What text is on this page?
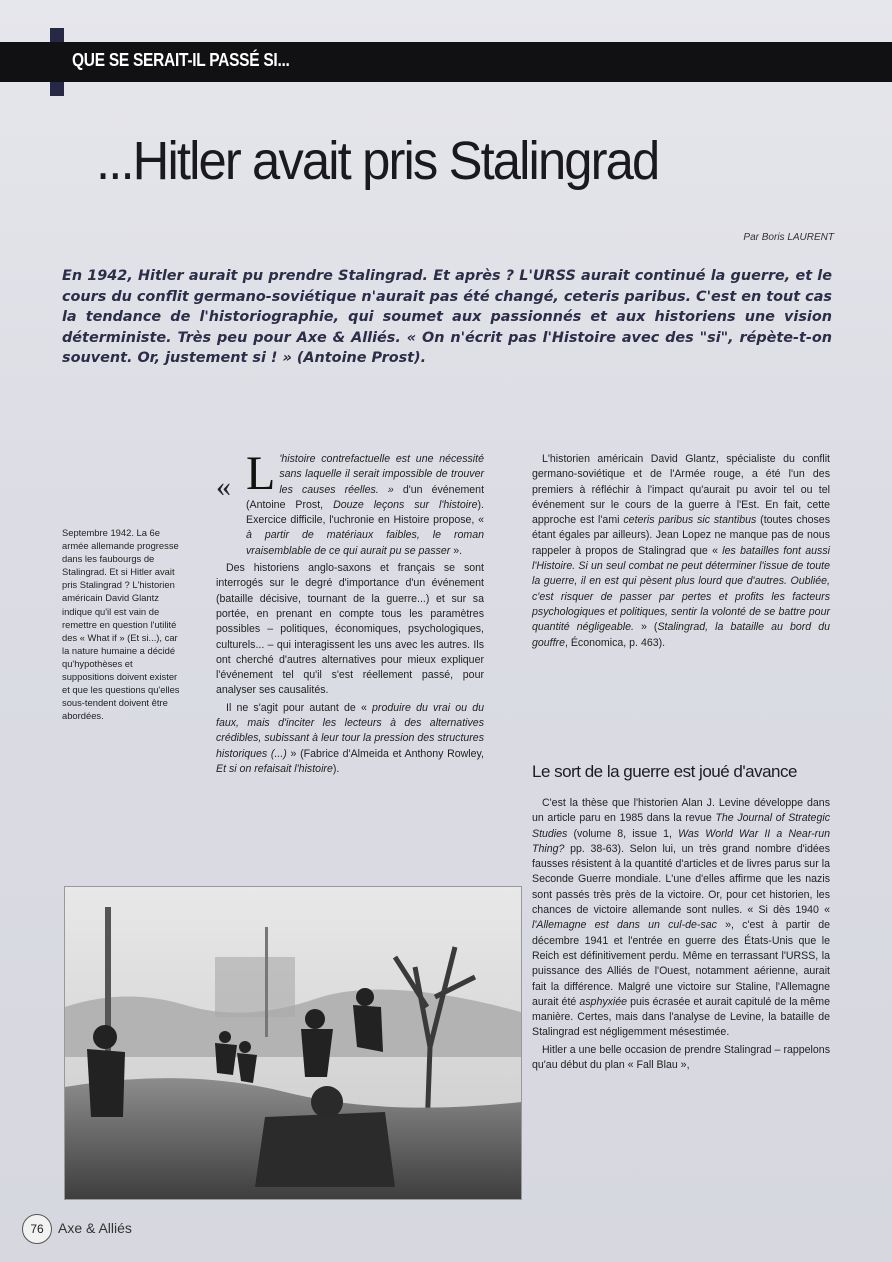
QUE SE SERAIT-IL PASSÉ SI...
...Hitler avait pris Stalingrad
Par Boris LAURENT
En 1942, Hitler aurait pu prendre Stalingrad. Et après ? L'URSS aurait continué la guerre, et le cours du conflit germano-soviétique n'aurait pas été changé, ceteris paribus. C'est en tout cas la tendance de l'historiographie, qui soumet aux passionnés et aux historiens une vision déterministe. Très peu pour Axe & Alliés. « On n'écrit pas l'Histoire avec des "si", répète-t-on souvent. Or, justement si ! » (Antoine Prost).
Septembre 1942. La 6e armée allemande progresse dans les faubourgs de Stalingrad. Et si Hitler avait pris Stalingrad ? L'historien américain David Glantz indique qu'il est vain de remettre en question l'utilité des « What if » (Et si...), car la nature humaine a décidé qu'hypothèses et suppositions doivent exister et que les questions qu'elles sous-tendent doivent être abordées.

L 'histoire contrefactuelle est une nécessité sans laquelle il serait impossible de trouver les causes réelles. » d'un événement (Antoine Prost, Douze leçons sur l'histoire). Exercice difficile, l'uchronie en Histoire propose, « à partir de matériaux faibles, le roman vraisemblable de ce qui aurait pu se passer ».

Des historiens anglo-saxons et français se sont interrogés sur le degré d'importance d'un événement (bataille décisive, tournant de la guerre...) et sur sa portée, en prenant en compte tous les paramètres possibles – politiques, économiques, psychologiques, culturels... – qui interagissent les uns avec les autres. Ils ont cherché d'autres alternatives pour mieux expliquer l'événement tel qu'il s'est réellement passé, pour analyser ses causalités.

Il ne s'agit pour autant de « produire du vrai ou du faux, mais d'inciter les lecteurs à des alternatives crédibles, subissant à leur tour la pression des structures historiques (...) » (Fabrice d'Almeida et Anthony Rowley, Et si on refaisait l'histoire).

«

L'historien américain David Glantz, spécialiste du conflit germano-soviétique et de l'Armée rouge, a été l'un des premiers à réfléchir à l'impact qu'aurait pu avoir tel ou tel événement sur le cours de la guerre à l'Est. En fait, cette approche est l'ami ceteris paribus sic stantibus (toutes choses étant égales par ailleurs). Jean Lopez ne manque pas de nous rappeler à propos de Stalingrad que « les batailles font aussi l'Histoire. Si un seul combat ne peut déterminer l'issue de toute la guerre, il en est qui pèsent plus lourd que d'autres. Oubliée, c'est risquer de passer par pertes et profits les facteurs psychologiques et politiques, sentir la volonté de se battre pour quantité négligeable. » (Stalingrad, la bataille au bord du gouffre, Économica, p. 463).

Le sort de la guerre est joué d'avance

C'est la thèse que l'historien Alan J. Levine développe dans un article paru en 1985 dans la revue The Journal of Strategic Studies (volume 8, issue 1, Was World War II a Near-run Thing? pp. 38-63). Selon lui, un très grand nombre d'idées fausses résistent à la quantité d'articles et de livres parus sur la Seconde Guerre mondiale. L'une d'elles affirme que les nazis sont passés très près de la victoire. Or, pour cet historien, les chances de victoire allemande sont nulles. « Si dès 1940 « l'Allemagne est dans un cul-de-sac », c'est à partir de décembre 1941 et l'entrée en guerre des États-Unis que le Reich est définitivement perdu. Même en terrassant l'URSS, la puissance des Alliés de l'Ouest, notamment aérienne, aurait fait la différence. Malgré une victoire sur Staline, l'Allemagne aurait été asphyxiée puis écrasée et aurait capitulé de la même manière. Certes, mais dans l'analyse de Levine, la bataille de Stalingrad est négligemment mésestimée.

Hitler a une belle occasion de prendre Stalingrad – rappelons qu'au début du plan « Fall Blau »,

76	Axe & Alliés
